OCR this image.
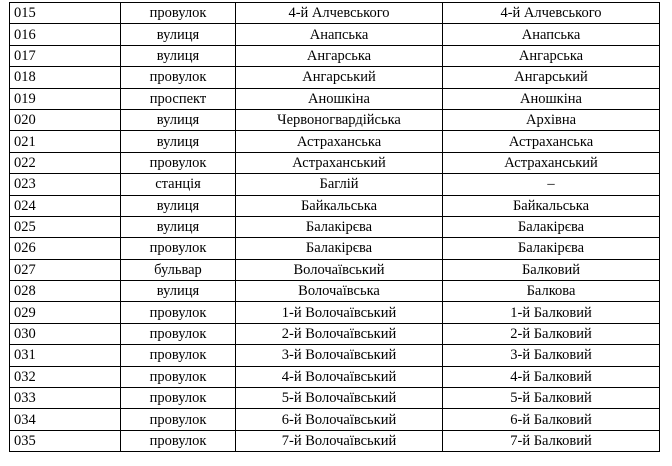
015	провулок	4-й Алчевського	4-й Алчевського
016	вулиця	Анапська	Анапська
017	вулиця	Ангарська	Ангарська
018	провулок	Ангарський	Ангарський
019	проспект	Аношкіна	Аношкіна
020	вулиця	Червоногвардійська	Архівна
021	вулиця	Астраханська	Астраханська
022	провулок	Астраханський	Астраханський
023	станція	Баглій	–
024	вулиця	Байкальська	Байкальська
025	вулиця	Балакірєва	Балакірєва
026	провулок	Балакірєва	Балакірєва
027	бульвар	Волочаївський	Балковий
028	вулиця	Волочаївська	Балкова
029	провулок	1-й Волочаївський	1-й Балковий
030	провулок	2-й Волочаївський	2-й Балковий
031	провулок	3-й Волочаївський	3-й Балковий
032	провулок	4-й Волочаївський	4-й Балковий
033	провулок	5-й Волочаївський	5-й Балковий
034	провулок	6-й Волочаївський	6-й Балковий
035	провулок	7-й Волочаївський	7-й Балковий
